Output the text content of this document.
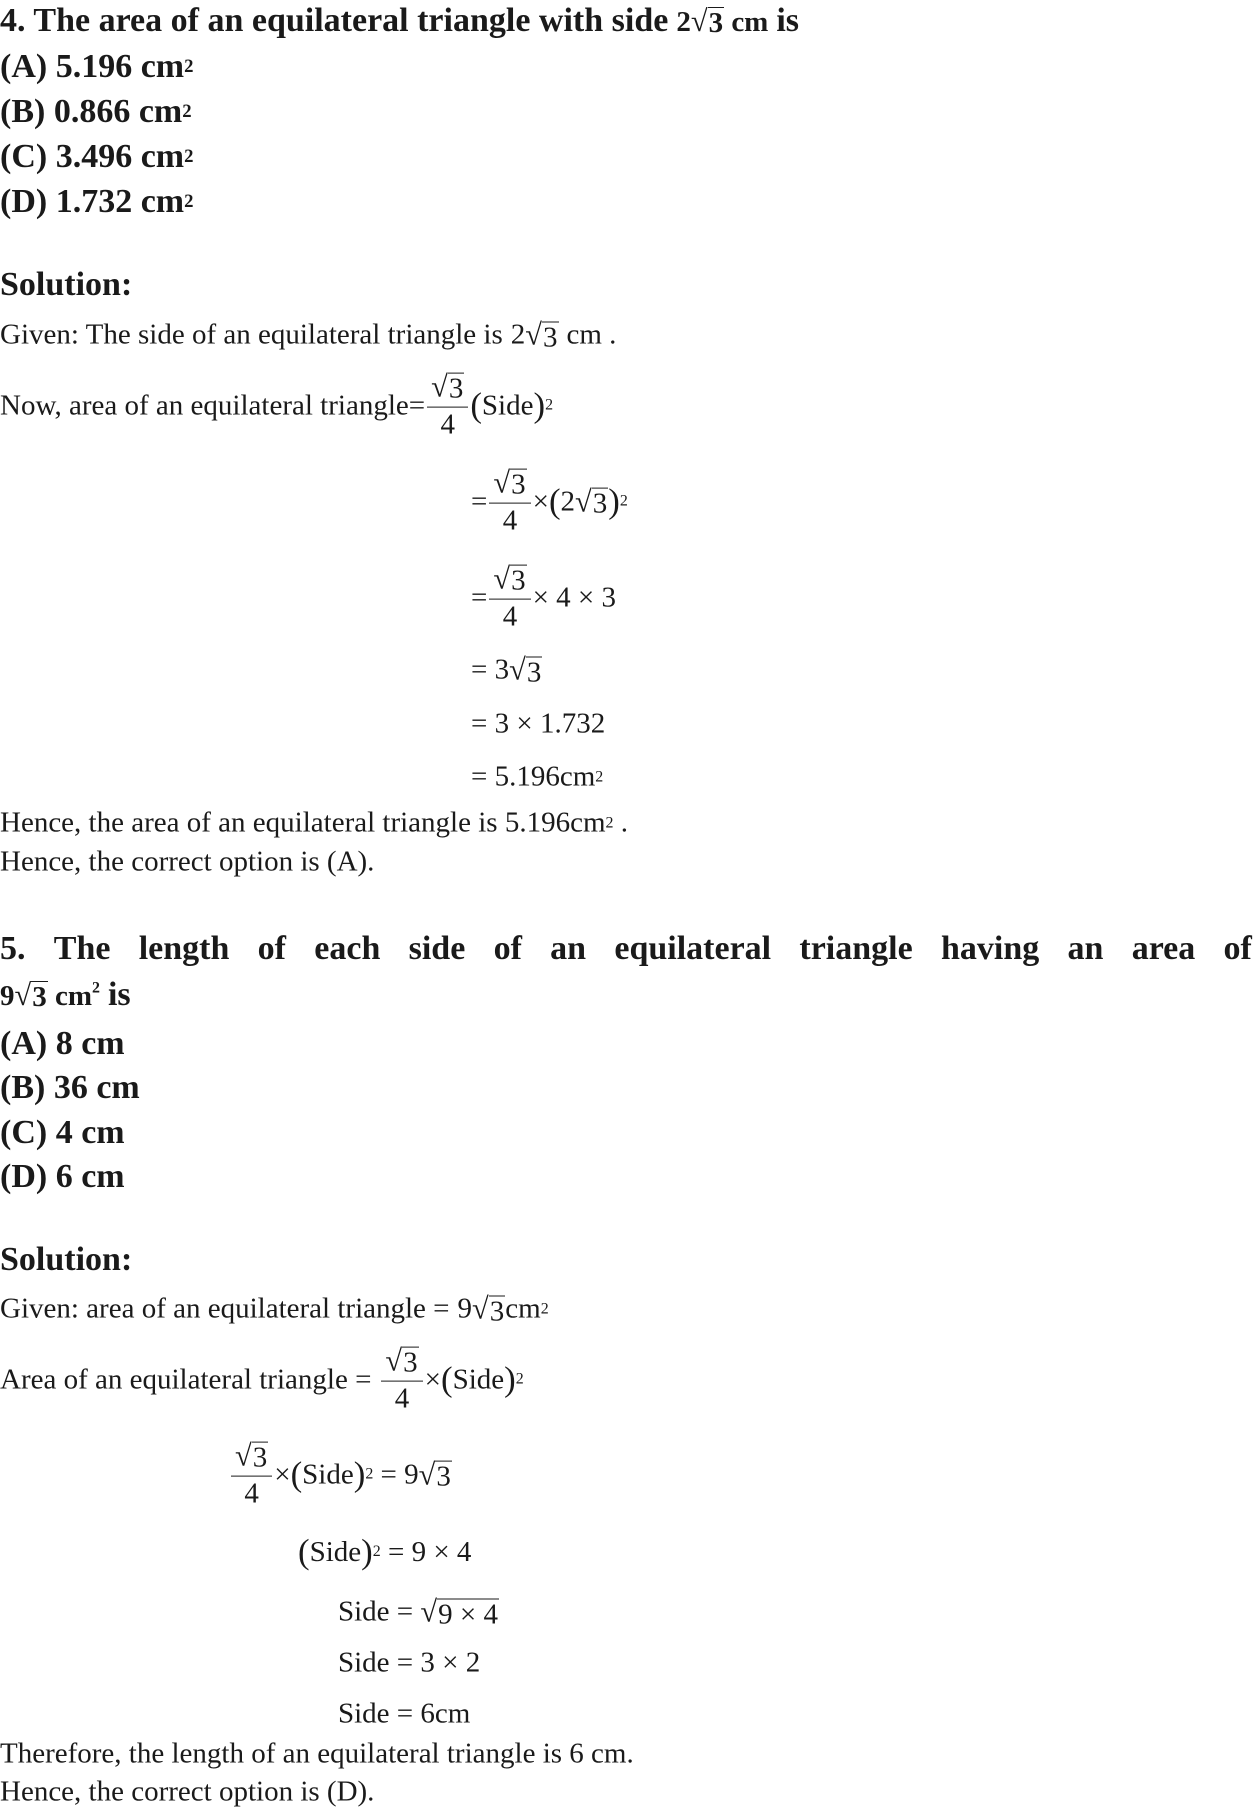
4. The area of an equilateral triangle with side 2 √ 3 cm is
(A) 5.196 cm 2
(B) 0.866 cm 2
(C) 3.496 cm 2
(D) 1.732 cm 2
Solution:
Given: The side of an equilateral triangle is 2 √ 3 cm .
Now, area of an equilateral triangle= $\frac{√ 3}{4}$ ( Side ) 2
= $\frac{√ 3}{4}$ × ( 2 √ 3 ) 2
= $\frac{√ 3}{4} \times 4 \times 3$
=
3 √ 3
= 3 × 1.732
= 5.196cm 2
Hence, the area of an equilateral triangle is 5.196cm 2
.
Hence, the correct option is (A).
5. The length of each side of an equilateral triangle having an area of
9 √ 3 $cm^2$ is
(A) 8 cm
(B) 36 cm
(C) 4 cm
(D) 6 cm
Solution:
Given: area of an equilateral triangle = 9 √ 3 cm 2
Area of an equilateral triangle = $\frac{√ 3}{4}$ × ( Side ) 2
$\frac{√ 3}{4}$ × ( Side ) 2
=
9 √ 3
( Side ) 2
= 9 × 4
Side =
√ 9 × 4
Side = 3 × 2
Side = 6cm
Therefore, the length of an equilateral triangle is 6 cm.
Hence, the correct option is (D).
